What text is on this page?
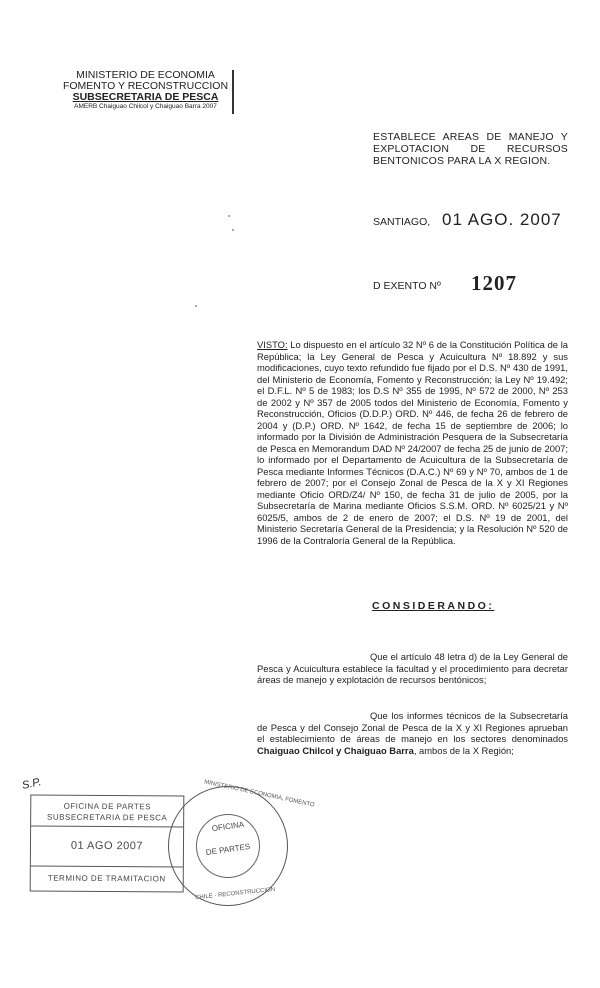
MINISTERIO DE ECONOMIA
FOMENTO Y RECONSTRUCCION
SUBSECRETARIA DE PESCA
AMERB Chaiguao Chilcol y Chaiguao Barra 2007
ESTABLECE AREAS DE MANEJO Y EXPLOTACION DE RECURSOS BENTONICOS PARA LA X REGION.
SANTIAGO, 01 AGO. 2007
D EXENTO Nº 1207
VISTO: Lo dispuesto en el artículo 32 Nº 6 de la Constitución Política de la República; la Ley General de Pesca y Acuicultura Nº 18.892 y sus modificaciones, cuyo texto refundido fue fijado por el D.S. Nº 430 de 1991, del Ministerio de Economía, Fomento y Reconstrucción; la Ley Nº 19.492; el D.F.L. Nº 5 de 1983; los D.S Nº 355 de 1995, Nº 572 de 2000, Nº 253 de 2002 y Nº 357 de 2005 todos del Ministerio de Economía, Fomento y Reconstrucción, Oficios (D.D.P.) ORD. Nº 446, de fecha 26 de febrero de 2004 y (D.P.) ORD. Nº 1642, de fecha 15 de septiembre de 2006; lo informado por la División de Administración Pesquera de la Subsecretaría de Pesca en Memorandum DAD Nº 24/2007 de fecha 25 de junio de 2007; lo informado por el Departamento de Acuicultura de la Subsecretaría de Pesca mediante Informes Técnicos (D.A.C.) Nº 69 y Nº 70, ambos de 1 de febrero de 2007; por el Consejo Zonal de Pesca de la X y XI Regiones mediante Oficio ORD/Z4/ Nº 150, de fecha 31 de julio de 2005, por la Subsecretaría de Marina mediante Oficios S.S.M. ORD. Nº 6025/21 y Nº 6025/5, ambos de 2 de enero de 2007; el D.S. Nº 19 de 2001, del Ministerio Secretaría General de la Presidencia; y la Resolución Nº 520 de 1996 de la Contraloría General de la República.
CONSIDERANDO:
Que el artículo 48 letra d) de la Ley General de Pesca y Acuicultura establece la facultad y el procedimiento para decretar áreas de manejo y explotación de recursos bentónicos;
Que los informes técnicos de la Subsecretaría de Pesca y del Consejo Zonal de Pesca de la X y XI Regiones aprueban el establecimiento de áreas de manejo en los sectores denominados Chaiguao Chilcol y Chaiguao Barra, ambos de la X Región;
S.P.
OFICINA DE PARTES
SUBSECRETARIA DE PESCA
01 AGO 2007
TERMINO DE TRAMITACION
MINISTERIO DE ECONOMIA, FOMENTO
OFICINA
DE PARTES
CHILE · RECONSTRUCCION
